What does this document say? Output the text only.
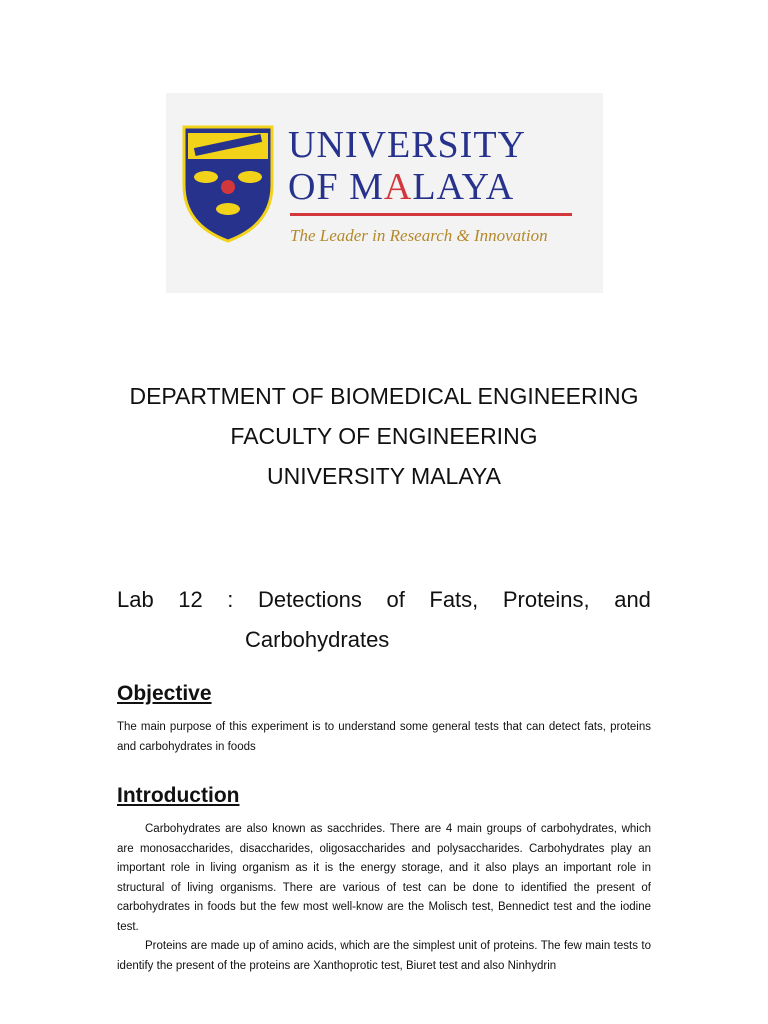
UNIVERSITY
OF MALAYA
The Leader in Research & Innovation
DEPARTMENT OF BIOMEDICAL ENGINEERING
FACULTY OF ENGINEERING
UNIVERSITY MALAYA
Lab 12 : Detections of Fats, Proteins, and
Carbohydrates
Objective
The main purpose of this experiment is to understand some general tests that can detect fats, proteins and carbohydrates in foods
Introduction

Carbohydrates are also known as sacchrides. There are 4 main groups of carbohydrates, which are monosaccharides, disaccharides, oligosaccharides and polysaccharides. Carbohydrates play an important role in living organism as it is the energy storage, and it also plays an important role in structural of living organisms. There are various of test can be done to identified the present of carbohydrates in foods but the few most well-know are the Molisch test, Bennedict test and the iodine test.

Proteins are made up of amino acids, which are the simplest unit of proteins. The few main tests to identify the present of the proteins are Xanthoprotic test, Biuret test and also Ninhydrin
